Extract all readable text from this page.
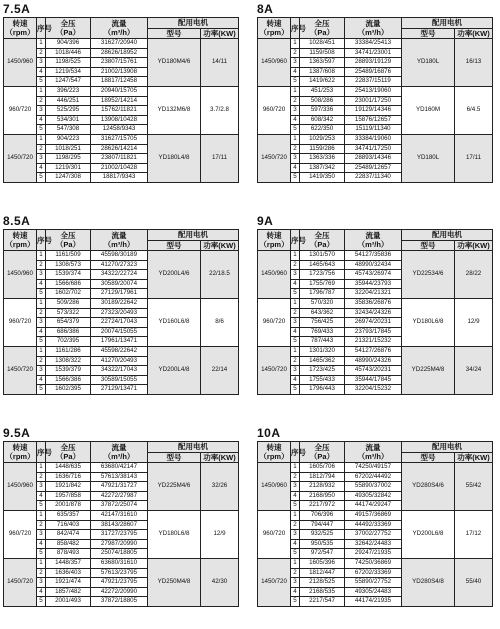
7.5A
转速
（rpm）	序号	全压
（Pa）	流量
（m³/h）	配用电机	
				型号	功率(KW)
1450/960	1	904/396	31627/20940	YD180M4/6	14/11
	2	1018/446	28626/18952		
	3	1198/525	23807/15761		
	4	1219/534	21002/13908		
	5	1247/547	18817/12458		
960/720	1	396/223	20940/15705	YD132M6/8	3.7/2.8
	2	446/251	18952/14214		
	3	525/295	15762/11821		
	4	534/301	13908/10428		
	5	547/308	12458/9343		
1450/720	1	904/223	31627/15705	YD180L4/8	17/11
	2	1018/251	28626/14214		
	3	1198/295	23807/11821		
	4	1219/301	21002/10428		
	5	1247/308	18817/9343		
8A
转速
（rpm）	序号	全压
（Pa）	流量
（m³/h）	配用电机	
				型号	功率(KW)
1450/960	1	1028/451	33384/25413	YD180L	16/13
	2	1159/508	34741/23001		
	3	1363/597	28893/19129		
	4	1387/608	25489/16876		
	5	1419/622	22837/15119		
960/720	1	451/253	25413/19060	YD160M	6/4.5
	2	508/286	23001/17250		
	3	597/336	19129/14346		
	4	608/342	15876/12657		
	5	622/350	15119/11340		
1450/720	1	1029/253	33384/19060	YD180L	17/11
	2	1159/286	34741/17250		
	3	1363/336	28893/14346		
	4	1387/342	25489/12657		
	5	1419/350	22837/11340		
8.5A
转速
（rpm）	序号	全压
（Pa）	流量
（m³/h）	配用电机	
				型号	功率(KW)
1450/960	1	1161/509	45598/30189	YD200L4/6	22/18.5
	2	1308/573	41270/27323		
	3	1539/374	34322/22724		
	4	1566/686	30589/20074		
	5	1602/702	27129/17961		
960/720	1	509/286	30189/22642	YD160L6/8	8/6
	2	573/322	27323/20493		
	3	654/379	22724/17043		
	4	686/386	20074/15055		
	5	702/395	17961/13471		
1450/720	1	1161/286	45598/22642	YD200L4/8	22/14
	2	1308/322	41270/20493		
	3	1539/379	34322/17043		
	4	1566/386	30589/15055		
	5	1602/395	27129/13471		
9A
转速
（rpm）	序号	全压
（Pa）	流量
（m³/h）	配用电机	
				型号	功率(KW)
1450/960	1	1301/570	54127/35836	YD22534/6	28/22
	2	1465/643	48990/32434		
	3	1723/756	45743/26974		
	4	1755/769	35944/23793		
	5	1796/787	32204/21321		
960/720	1	570/320	35836/26876	YD180L6/8	12/9
	2	643/362	32434/24326		
	3	756/425	26974/20231		
	4	769/433	23793/17845		
	5	787/443	21321/15232		
1450/720	1	1301/320	54127/26876	YD225M4/8	34/24
	2	1465/362	48990/24326		
	3	1723/425	45743/20231		
	4	1755/433	35944/17845		
	5	1796/443	32204/15232		
9.5A
转速
（rpm）	序号	全压
（Pa）	流量
（m³/h）	配用电机	
				型号	功率(KW)
1450/960	1	1448/635	63680/42147	YD225M4/6	32/26
	2	1636/716	57613/38143		
	3	1921/842	47921/31727		
	4	1957/858	42272/27987		
	5	2001/878	37872/25074		
960/720	1	635/357	42147/31610	YD180L6/8	12/9
	2	716/403	38143/28607		
	3	842/474	31727/23795		
	4	858/482	27987/20990		
	5	878/493	25074/18805		
1450/720	1	1448/357	63680/31610	YD250M4/8	42/30
	2	1636/403	57613/23795		
	3	1921/474	47921/23795		
	4	1857/482	42272/20990		
	5	2001/493	37872/18805		
10A
转速
（rpm）	序号	全压
（Pa）	流量
（m³/h）	配用电机	
				型号	功率(KW)
1450/960	1	1605/706	74250/49157	YD280S4/6	55/42
	2	1812/794	67202/44492		
	3	2128/932	55890/37002		
	4	2168/950	49305/32842		
	5	2217/972	44174/29247		
960/720	1	706/396	49157/36869	YD200L6/8	17/12
	2	794/447	44492/33369		
	3	932/525	37002/27752		
	4	950/535	32642/24483		
	5	972/547	29247/21935		
1450/720	1	1605/396	74250/36869	YD280S4/8	55/40
	2	1812/447	67202/33369		
	3	2128/525	55890/27752		
	4	2168/535	49305/24483		
	5	2217/547	44174/21935		
